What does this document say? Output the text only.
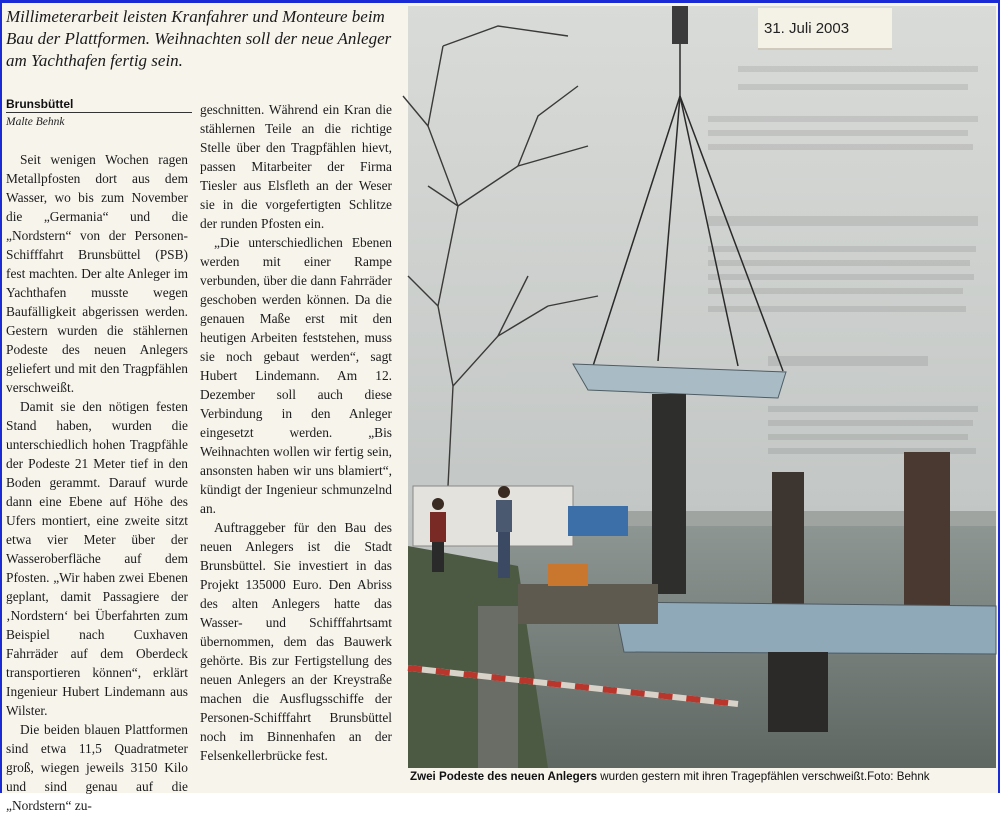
Millimeterarbeit leisten Kranfahrer und Monteure beim Bau der Plattformen. Weihnachten soll der neue Anleger am Yachthafen fertig sein.
Brunsbüttel
Malte Behnk

Seit wenigen Wochen ragen Metallpfosten dort aus dem Wasser, wo bis zum November die „Germania“ und die „Nordstern“ von der Personen-Schifffahrt Brunsbüttel (PSB) fest machten. Der alte Anleger im Yachthafen musste wegen Baufälligkeit abgerissen werden. Gestern wurden die stählernen Podeste des neuen Anlegers geliefert und mit den Tragpfählen verschweißt.

Damit sie den nötigen festen Stand haben, wurden die unterschiedlich hohen Tragpfähle der Podeste 21 Meter tief in den Boden gerammt. Darauf wurde dann eine Ebene auf Höhe des Ufers montiert, eine zweite sitzt etwa vier Meter über der Wasseroberfläche auf dem Pfosten. „Wir haben zwei Ebenen geplant, damit Passagiere der ‚Nordstern‘ bei Überfahrten zum Beispiel nach Cuxhaven Fahrräder auf dem Oberdeck transportieren können“, erklärt Ingenieur Hubert Lindemann aus Wilster.

Die beiden blauen Plattformen sind etwa 11,5 Quadratmeter groß, wiegen jeweils 3150 Kilo und sind genau auf die „Nordstern“ zu-

geschnitten. Während ein Kran die stählernen Teile an die richtige Stelle über den Tragpfählen hievt, passen Mitarbeiter der Firma Tiesler aus Elsfleth an der Weser sie in die vorgefertigten Schlitze der runden Pfosten ein.

„Die unterschiedlichen Ebenen werden mit einer Rampe verbunden, über die dann Fahrräder geschoben werden können. Da die genauen Maße erst mit den heutigen Arbeiten feststehen, muss sie noch gebaut werden“, sagt Hubert Lindemann. Am 12. Dezember soll auch diese Verbindung in den Anleger eingesetzt werden. „Bis Weihnachten wollen wir fertig sein, ansonsten haben wir uns blamiert“, kündigt der Ingenieur schmunzelnd an.

Auftraggeber für den Bau des neuen Anlegers ist die Stadt Brunsbüttel. Sie investiert in das Projekt 135000 Euro. Den Abriss des alten Anlegers hatte das Wasser- und Schifffahrtsamt übernommen, dem das Bauwerk gehörte. Bis zur Fertigstellung des neuen Anlegers an der Kreystraße machen die Ausflugsschiffe der Personen-Schifffahrt Brunsbüttel noch im Binnenhafen an der Felsenkellerbrücke fest.

31. Juli 2003
Zwei Podeste des neuen Anlegers wurden gestern mit ihren Tragepfählen verschweißt.Foto: Behnk
